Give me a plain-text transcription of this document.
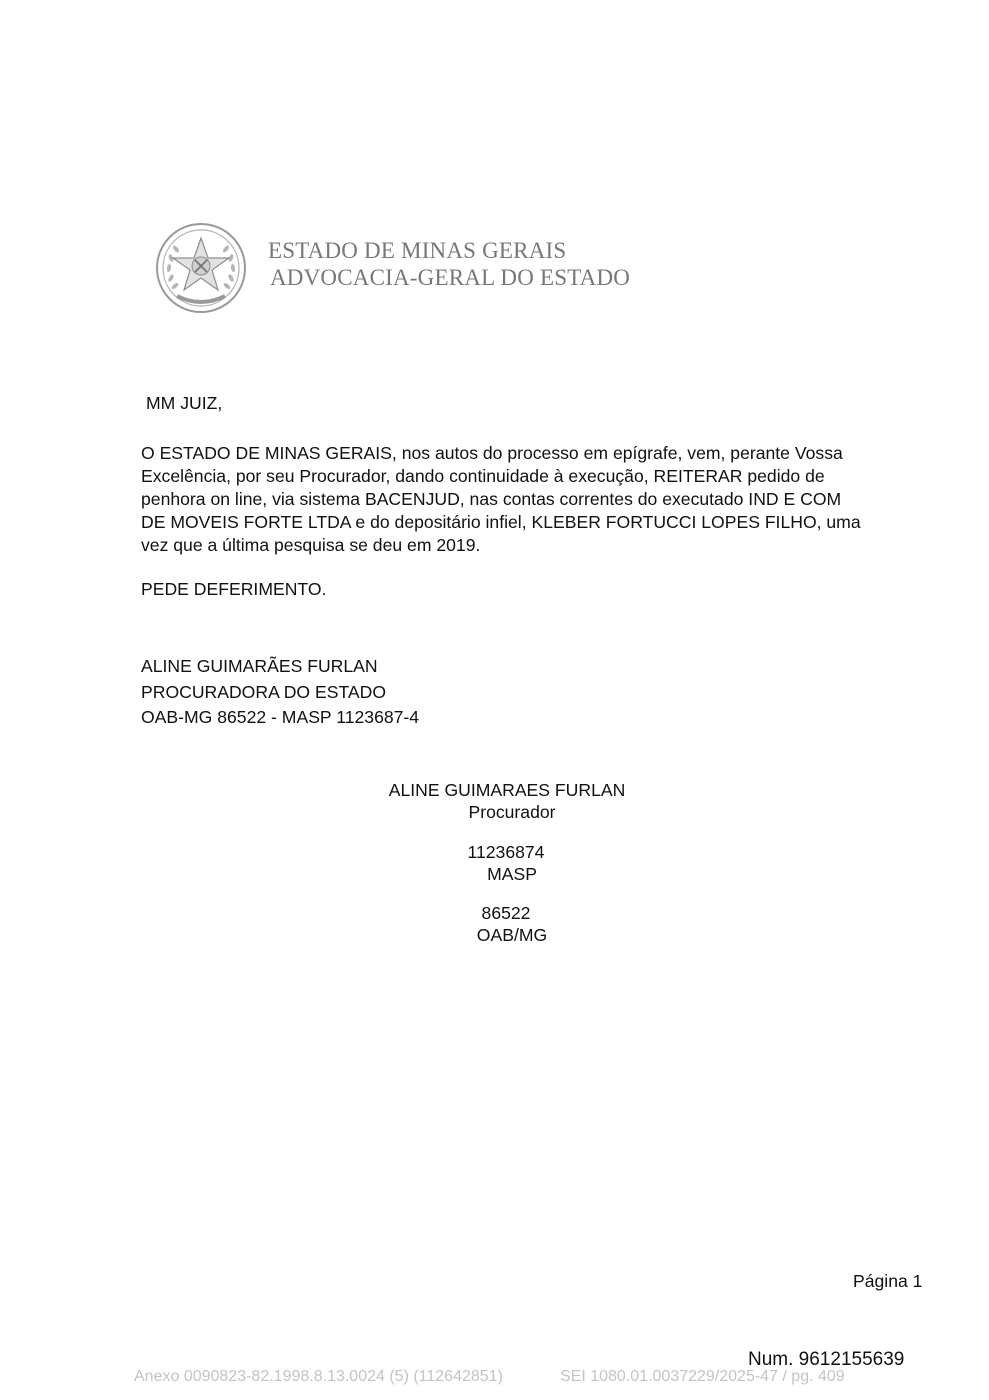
ESTADO DE MINAS GERAIS
ADVOCACIA-GERAL DO ESTADO
MM JUIZ,
O ESTADO DE MINAS GERAIS, nos autos do processo em epígrafe, vem, perante Vossa
Excelência, por seu Procurador, dando continuidade à execução, REITERAR pedido de
penhora on line, via sistema BACENJUD, nas contas correntes do executado IND E COM
DE MOVEIS FORTE LTDA e do depositário infiel, KLEBER FORTUCCI LOPES FILHO, uma
vez que a última pesquisa se deu em 2019.
PEDE DEFERIMENTO.
ALINE GUIMARÃES FURLAN
PROCURADORA DO ESTADO
OAB-MG 86522 - MASP 1123687-4
ALINE GUIMARAES FURLAN
Procurador
11236874
MASP
86522
OAB/MG
Página 1
Num. 9612155639
Anexo 0090823-82.1998.8.13.0024 (5) (112642851)	SEI 1080.01.0037229/2025-47 / pg. 409
